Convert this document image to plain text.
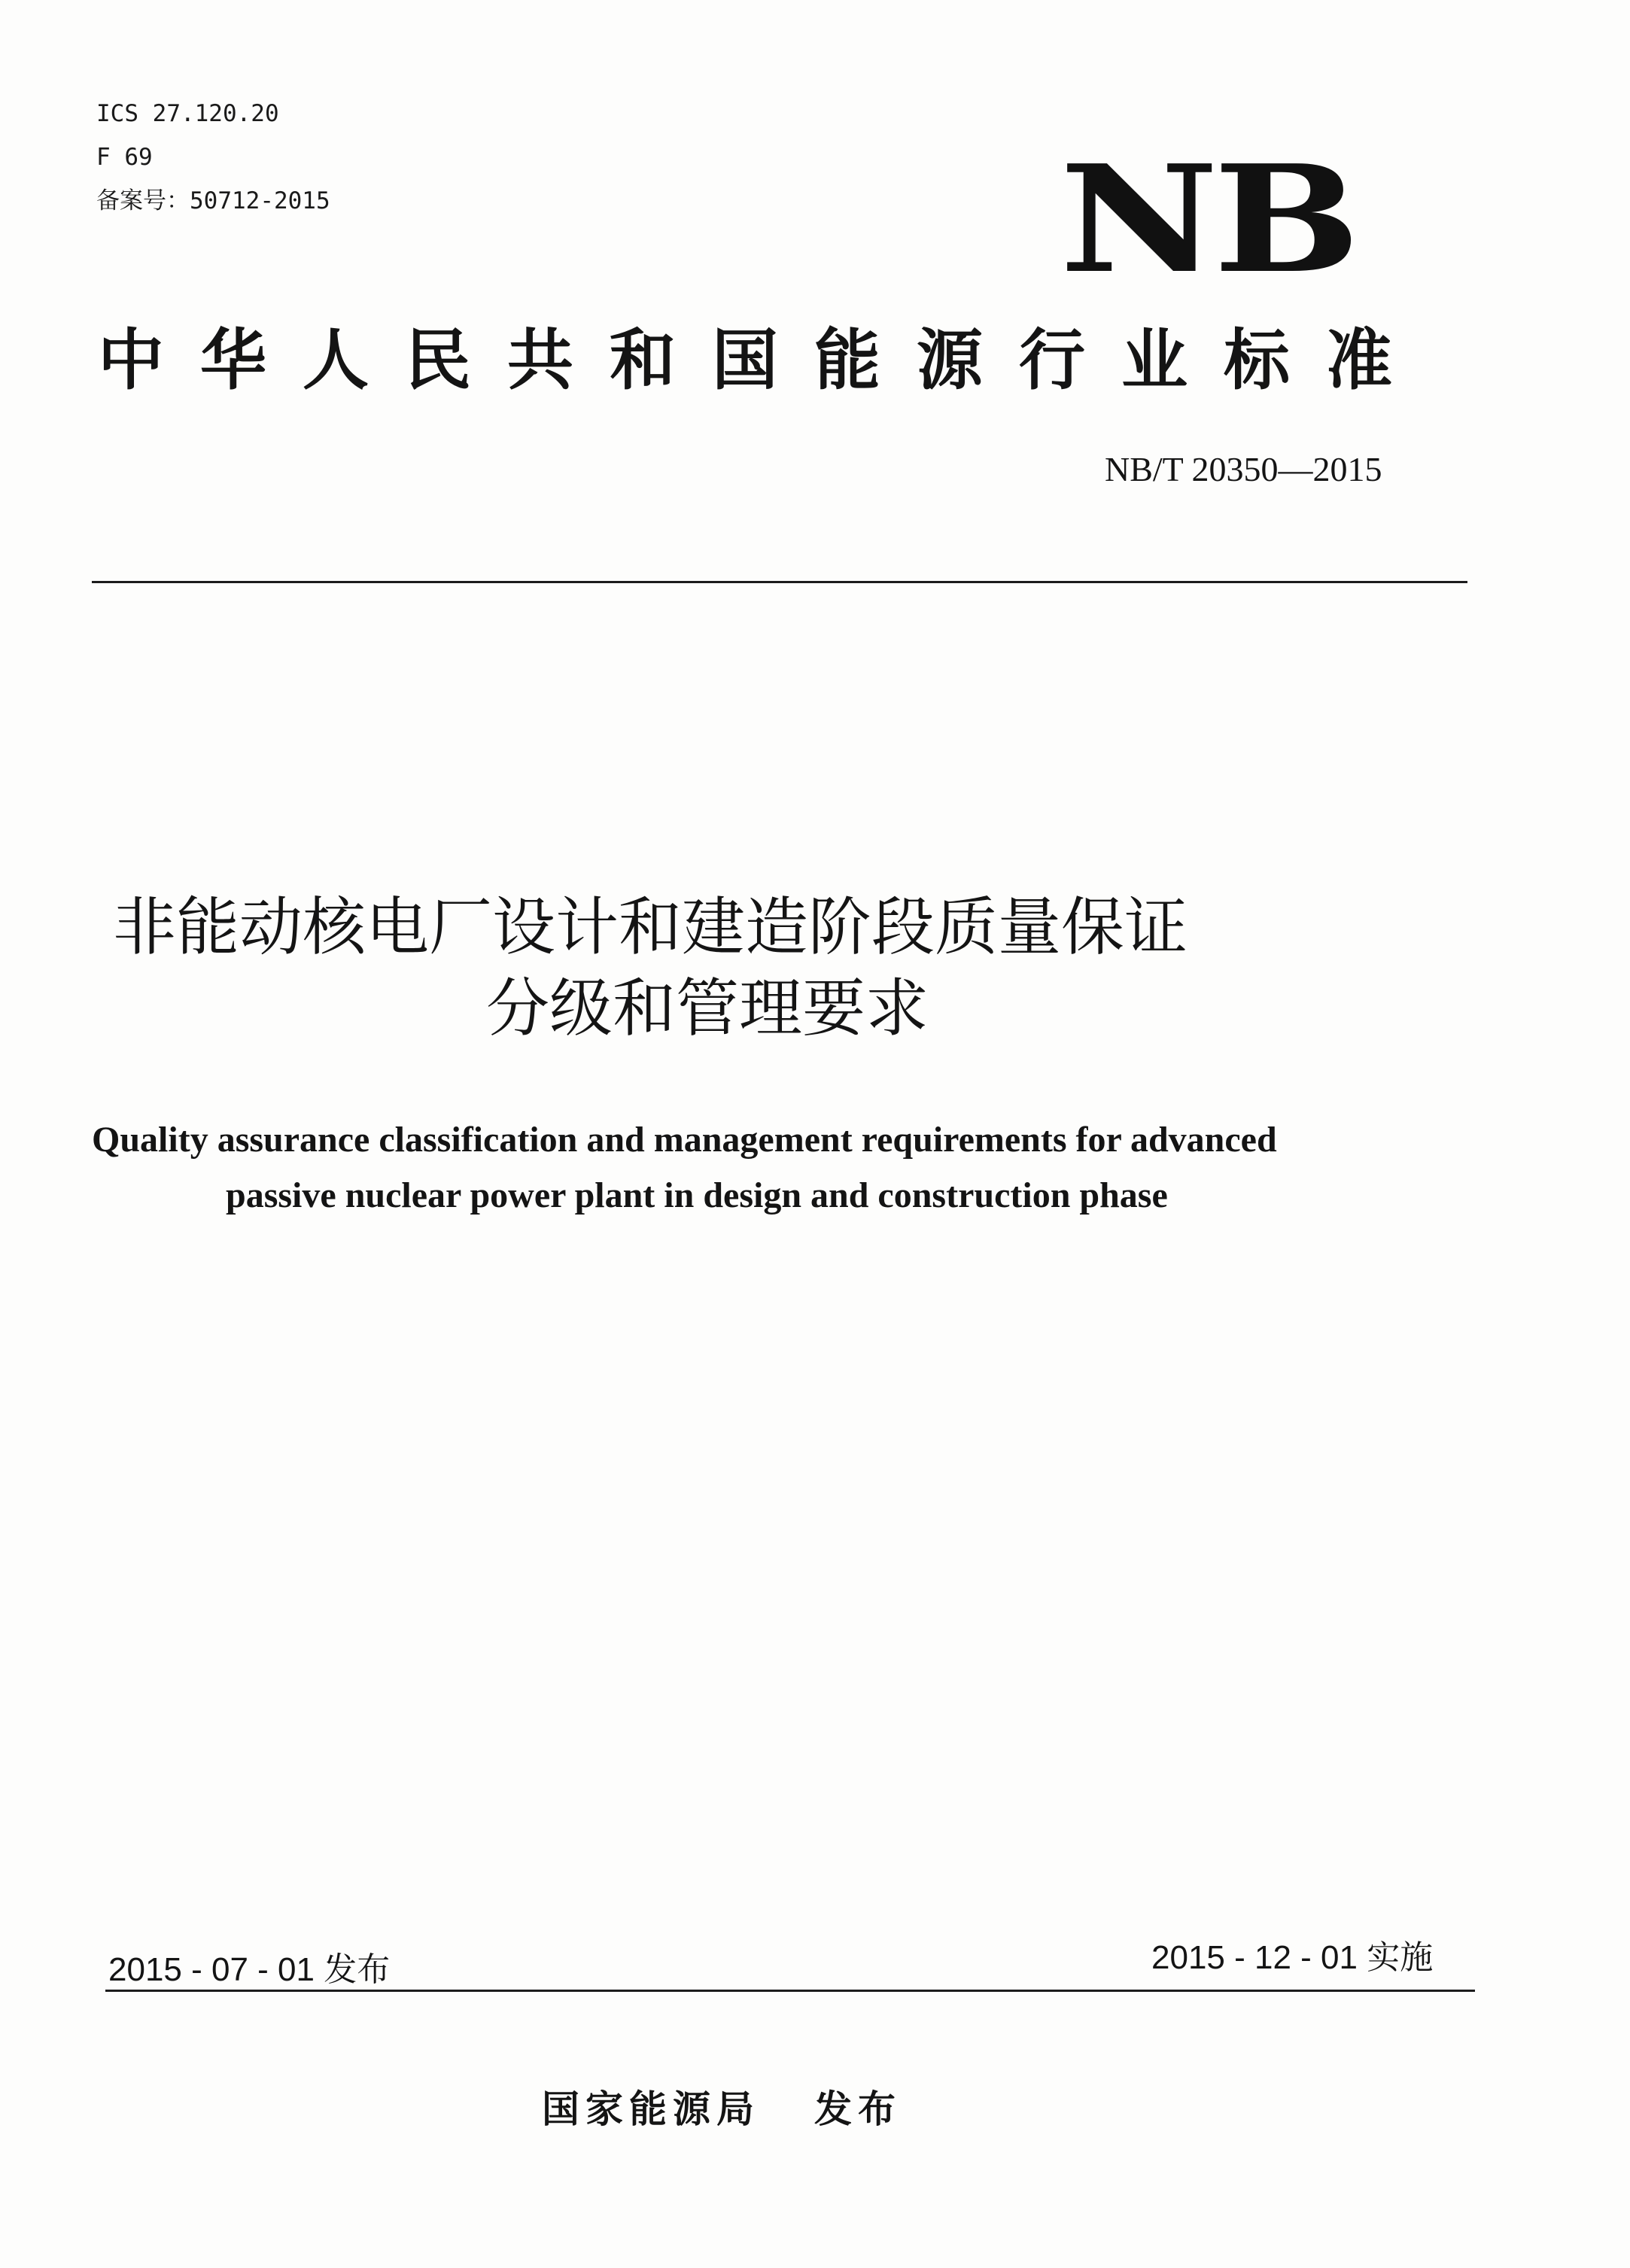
ICS 27.120.20
F 69
备案号：50712-2015	NB
中华人民共和国能源行业标准
NB/T 20350—2015
非能动核电厂设计和建造阶段质量保证
分级和管理要求
Quality assurance classification and management requirements for advanced
passive nuclear power plant in design and construction phase
2015 - 07 - 01 发布	2015 - 12 - 01 实施
国家能源局 发布
